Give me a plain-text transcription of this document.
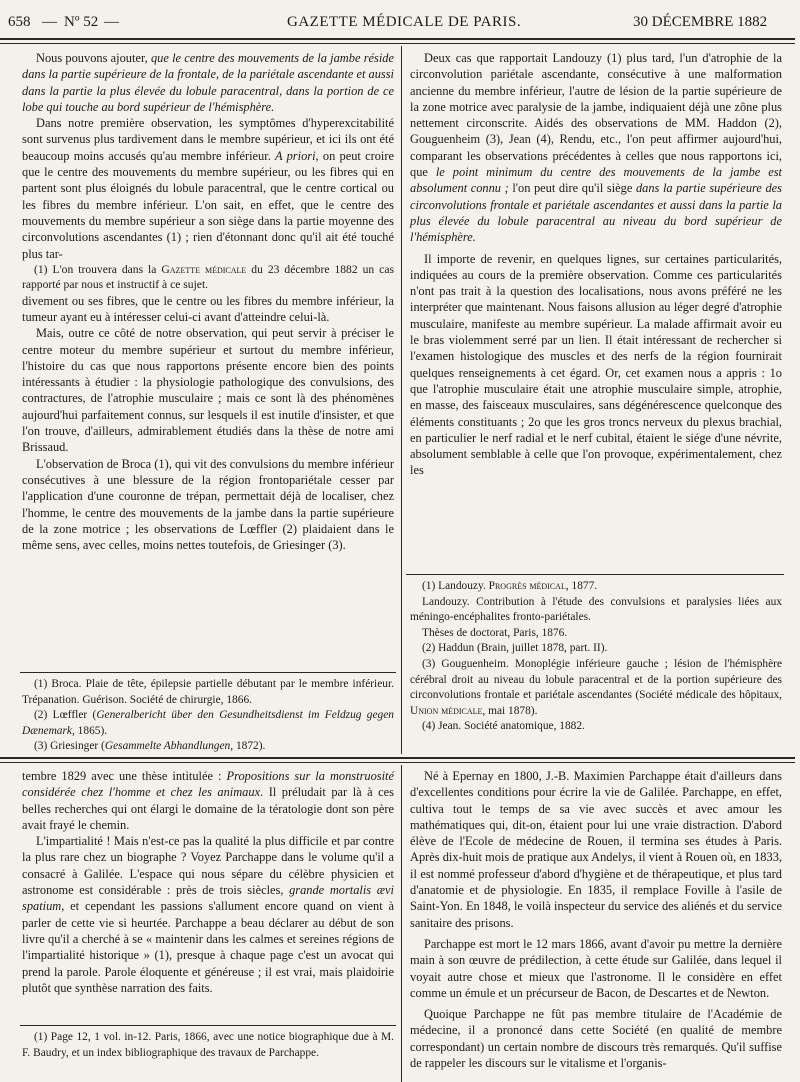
658 — Nº 52 —	GAZETTE MÉDICALE DE PARIS.	30 DÉCEMBRE 1882

Nous pouvons ajouter, que le centre des mouvements de la jambe réside dans la partie supérieure de la frontale, de la pariétale ascendante et aussi dans la partie la plus élevée du lobule paracentral, dans la portion de ce lobe qui touche au bord supérieur de l'hémisphère.

Dans notre première observation, les symptômes d'hyperexcitabilité sont survenus plus tardivement dans le membre supérieur, et ici ils ont été beaucoup moins accusés qu'au membre inférieur. A priori, on peut croire que le centre des mouvements du membre supérieur, ou les fibres qui en partent sont plus éloignés du lobule paracentral, que le centre cortical ou les fibres du membre inférieur. L'on sait, en effet, que le centre des mouvements du membre supérieur a son siège dans la partie moyenne des circonvolutions ascendantes (1) ; rien d'étonnant donc qu'il ait été touché plus tar-

(1) L'on trouvera dans la Gazette médicale du 23 décembre 1882 un cas rapporté par nous et instructif à ce sujet.

divement ou ses fibres, que le centre ou les fibres du membre inférieur, la tumeur ayant eu à intéresser celui-ci avant d'atteindre celui-là.

Mais, outre ce côté de notre observation, qui peut servir à préciser le centre moteur du membre supérieur et surtout du membre inférieur, l'histoire du cas que nous rapportons présente encore bien des points intéressants à étudier : la physiologie pathologique des convulsions, des contractures, de l'atrophie musculaire ; mais ce sont là des phénomènes aujourd'hui parfaitement connus, sur lesquels il est inutile d'insister, et que l'on trouve, d'ailleurs, admirablement étudiés dans la thèse de notre ami Brissaud.

L'observation de Broca (1), qui vit des convulsions du membre inférieur consécutives à une blessure de la région frontopariétale cesser par l'application d'une couronne de trépan, permettait déjà de localiser, chez l'homme, le centre des mouvements de la jambe dans la partie supérieure de la zone motrice ; les observations de Lœffler (2) plaidaient dans le même sens, avec celles, moins nettes toutefois, de Griesinger (3).

(1) Broca. Plaie de tête, épilepsie partielle débutant par le membre inférieur. Trépanation. Guérison. Société de chirurgie, 1866.

(2) Lœffler (Generalbericht über den Gesundheitsdienst im Feldzug gegen Dænemark, 1865).

(3) Griesinger (Gesammelte Abhandlungen, 1872).

Deux cas que rapportait Landouzy (1) plus tard, l'un d'atrophie de la circonvolution pariétale ascendante, consécutive à une malformation ancienne du membre inférieur, l'autre de lésion de la partie supérieure de la zone motrice avec paralysie de la jambe, indiquaient déjà une zône plus nettement circonscrite. Aidés des observations de MM. Haddon (2), Gouguenheim (3), Jean (4), Rendu, etc., l'on peut affirmer aujourd'hui, comparant les observations précédentes à celles que nous rapportons ici, que le point minimum du centre des mouvements de la jambe est absolument connu ; l'on peut dire qu'il siège dans la partie supérieure des circonvolutions frontale et pariétale ascendantes et aussi dans la partie la plus élevée du lobule paracentral au niveau du bord supérieur de l'hémisphère.

Il importe de revenir, en quelques lignes, sur certaines particularités, indiquées au cours de la première observation. Comme ces particularités n'ont pas trait à la question des localisations, nous avons préféré ne les interpréter que maintenant. Nous faisons allusion au léger degré d'atrophie musculaire, manifeste au membre supérieur. La malade affirmait avoir eu le bras violemment serré par un lien. Il était intéressant de rechercher si l'examen histologique des muscles et des nerfs de la région fournirait quelques renseignements à cet égard. Or, cet examen nous a appris : 1o que l'atrophie musculaire était une atrophie musculaire simple, atrophie, en masse, des faisceaux musculaires, sans dégénérescence quelconque des éléments constituants ; 2o que les gros troncs nerveux du plexus brachial, en particulier le nerf radial et le nerf cubital, étaient le siége d'une névrite, absolument semblable à celle que l'on provoque, expérimentalement, chez les

(1) Landouzy. Progrès médical, 1877.

Landouzy. Contribution à l'étude des convulsions et paralysies liées aux méningo-encéphalites fronto-pariétales.

Thèses de doctorat, Paris, 1876.

(2) Haddun (Brain, juillet 1878, part. II).

(3) Gouguenheim. Monoplégie inférieure gauche ; lésion de l'hémisphère cérébral droit au niveau du lobule paracentral et de la portion supérieure des circonvolutions frontale et pariétale ascendantes (Société médicale des hôpitaux, Union médicale, mai 1878).

(4) Jean. Société anatomique, 1882.

tembre 1829 avec une thèse intitulée : Propositions sur la monstruosité considérée chez l'homme et chez les animaux. Il préludait par là à ces belles recherches qui ont élargi le domaine de la tératologie dont son père avait frayé le chemin.

L'impartialité ! Mais n'est-ce pas la qualité la plus difficile et par contre la plus rare chez un biographe ? Voyez Parchappe dans le volume qu'il a consacré à Galilée. L'espace qui nous sépare du célèbre physicien et astronome est considérable : près de trois siècles, grande mortalis ævi spatium, et cependant les passions s'allument encore quand on vient à parler de cette vie si heurtée. Parchappe a beau déclarer au début de son livre qu'il a cherché à se « maintenir dans les calmes et sereines régions de l'impartialité historique » (1), presque à chaque page c'est un avocat qui prend la parole. Parole éloquente et généreuse ; il est vrai, mais plaidoirie plutôt que synthèse narration des faits.

(1) Page 12, 1 vol. in-12. Paris, 1866, avec une notice biographique due à M. F. Baudry, et un index bibliographique des travaux de Parchappe.

Né à Epernay en 1800, J.-B. Maximien Parchappe était d'ailleurs dans d'excellentes conditions pour écrire la vie de Galilée. Parchappe, en effet, cultiva tout le temps de sa vie avec succès et avec amour les mathématiques qui, dit-on, étaient pour lui une vraie distraction. D'abord élève de l'Ecole de médecine de Rouen, il termina ses études à Paris. Après dix-huit mois de pratique aux Andelys, il vient à Rouen où, en 1833, il est nommé professeur d'abord d'hygiène et de thérapeutique, et plus tard d'anatomie et de physiologie. En 1835, il remplace Foville à l'asile de Saint-Yon. En 1848, le voilà inspecteur du service des aliénés et du service sanitaire des prisons.

Parchappe est mort le 12 mars 1866, avant d'avoir pu mettre la dernière main à son œuvre de prédilection, à cette étude sur Galilée, dans lequel il voyait autre chose et mieux que l'astronome. Il le considère en effet comme un émule et un précurseur de Bacon, de Descartes et de Newton.

Quoique Parchappe ne fût pas membre titulaire de l'Académie de médecine, il a prononcé dans cette Société (en qualité de membre correspondant) un certain nombre de discours très remarqués. Qu'il suffise de rappeler les discours sur le vitalisme et l'organis-
